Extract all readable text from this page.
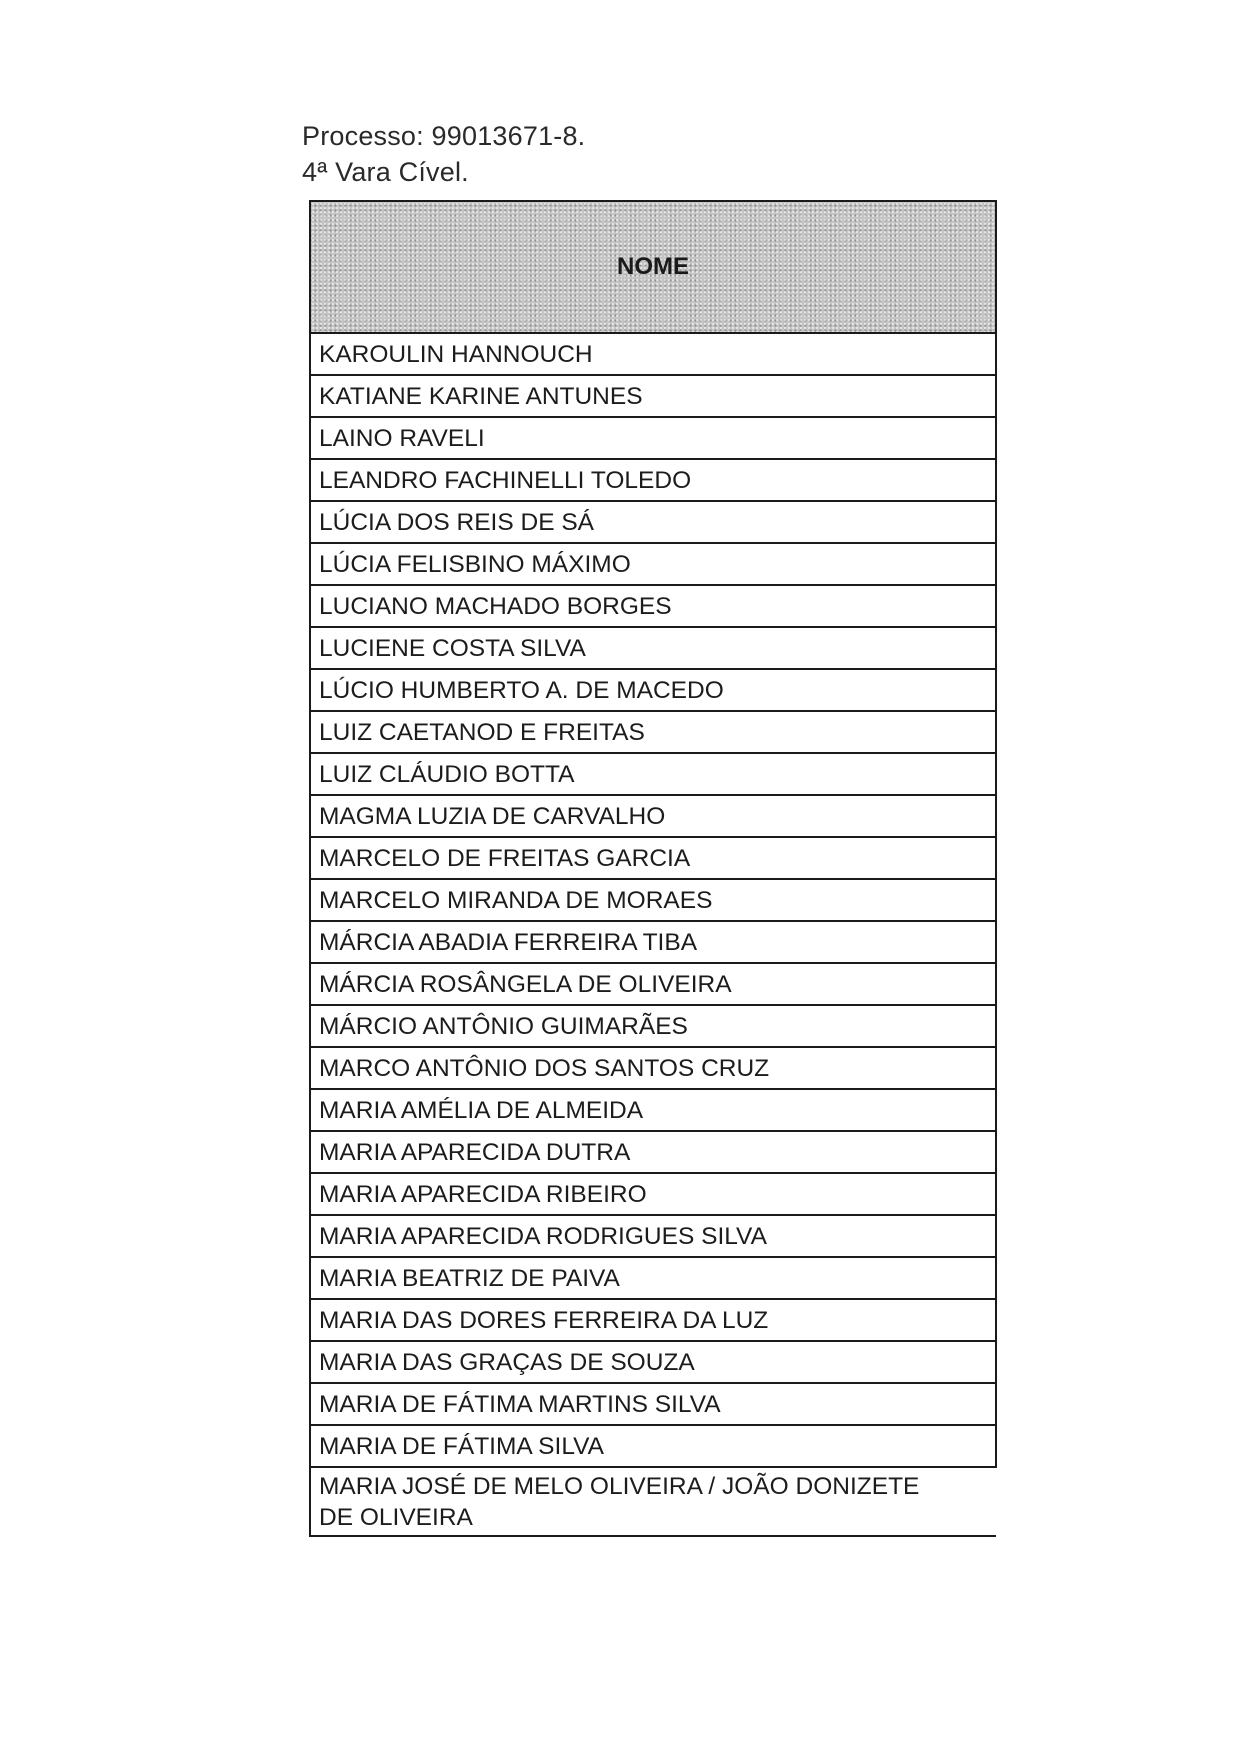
Processo: 99013671-8.
4ª Vara Cível.
NOME
KAROULIN HANNOUCH
KATIANE KARINE ANTUNES
LAINO RAVELI
LEANDRO FACHINELLI TOLEDO
LÚCIA DOS REIS DE SÁ
LÚCIA FELISBINO MÁXIMO
LUCIANO MACHADO BORGES
LUCIENE COSTA SILVA
LÚCIO HUMBERTO A. DE MACEDO
LUIZ CAETANOD E FREITAS
LUIZ CLÁUDIO BOTTA
MAGMA LUZIA DE CARVALHO
MARCELO DE FREITAS GARCIA
MARCELO MIRANDA DE MORAES
MÁRCIA ABADIA FERREIRA TIBA
MÁRCIA ROSÂNGELA DE OLIVEIRA
MÁRCIO ANTÔNIO GUIMARÃES
MARCO ANTÔNIO DOS SANTOS CRUZ
MARIA AMÉLIA DE ALMEIDA
MARIA APARECIDA DUTRA
MARIA APARECIDA RIBEIRO
MARIA APARECIDA RODRIGUES SILVA
MARIA BEATRIZ DE PAIVA
MARIA DAS DORES FERREIRA DA LUZ
MARIA DAS GRAÇAS DE SOUZA
MARIA DE FÁTIMA MARTINS SILVA
MARIA DE FÁTIMA SILVA
MARIA JOSÉ DE MELO OLIVEIRA / JOÃO DONIZETE DE OLIVEIRA
